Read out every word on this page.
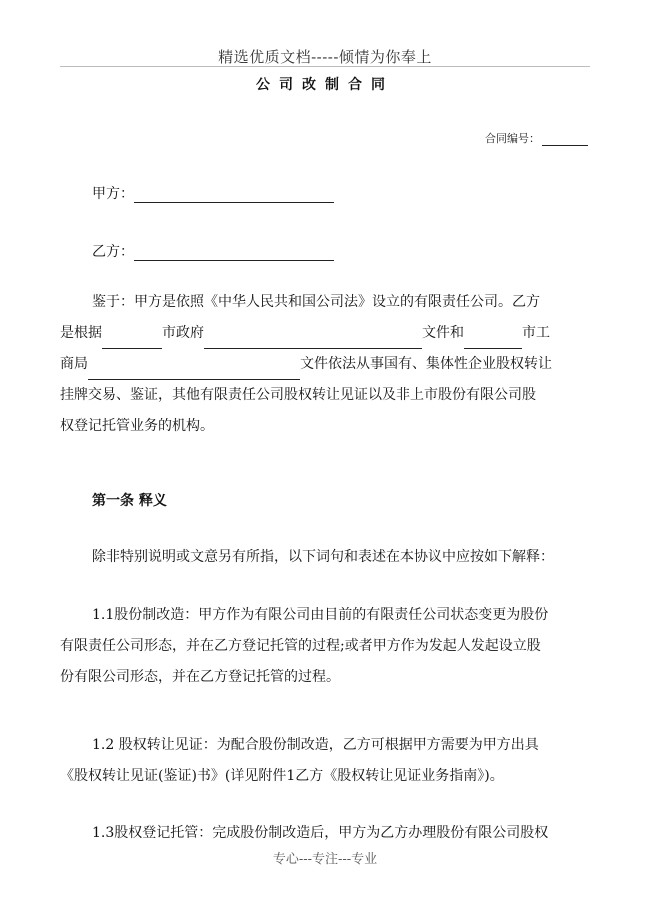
精选优质文档-----倾情为你奉上
公司改制合同
合同编号：
甲方：
乙方：
鉴于：甲方是依照《中华人民共和国公司法》设立的有限责任公司。乙方
是根据	市政府	文件和	市工
商局	文件依法从事国有、集体性企业股权转让
挂牌交易、鉴证，其他有限责任公司股权转让见证以及非上市股份有限公司股
权登记托管业务的机构。
第一条 释义
除非特别说明或文意另有所指，以下词句和表述在本协议中应按如下解释：
1.1股份制改造：甲方作为有限公司由目前的有限责任公司状态变更为股份
有限责任公司形态，并在乙方登记托管的过程;或者甲方作为发起人发起设立股
份有限公司形态，并在乙方登记托管的过程。
1.2 股权转让见证：为配合股份制改造，乙方可根据甲方需要为甲方出具
《股权转让见证(鉴证)书》(详见附件1乙方《股权转让见证业务指南》)。
1.3股权登记托管：完成股份制改造后，甲方为乙方办理股份有限公司股权
专心---专注---专业
